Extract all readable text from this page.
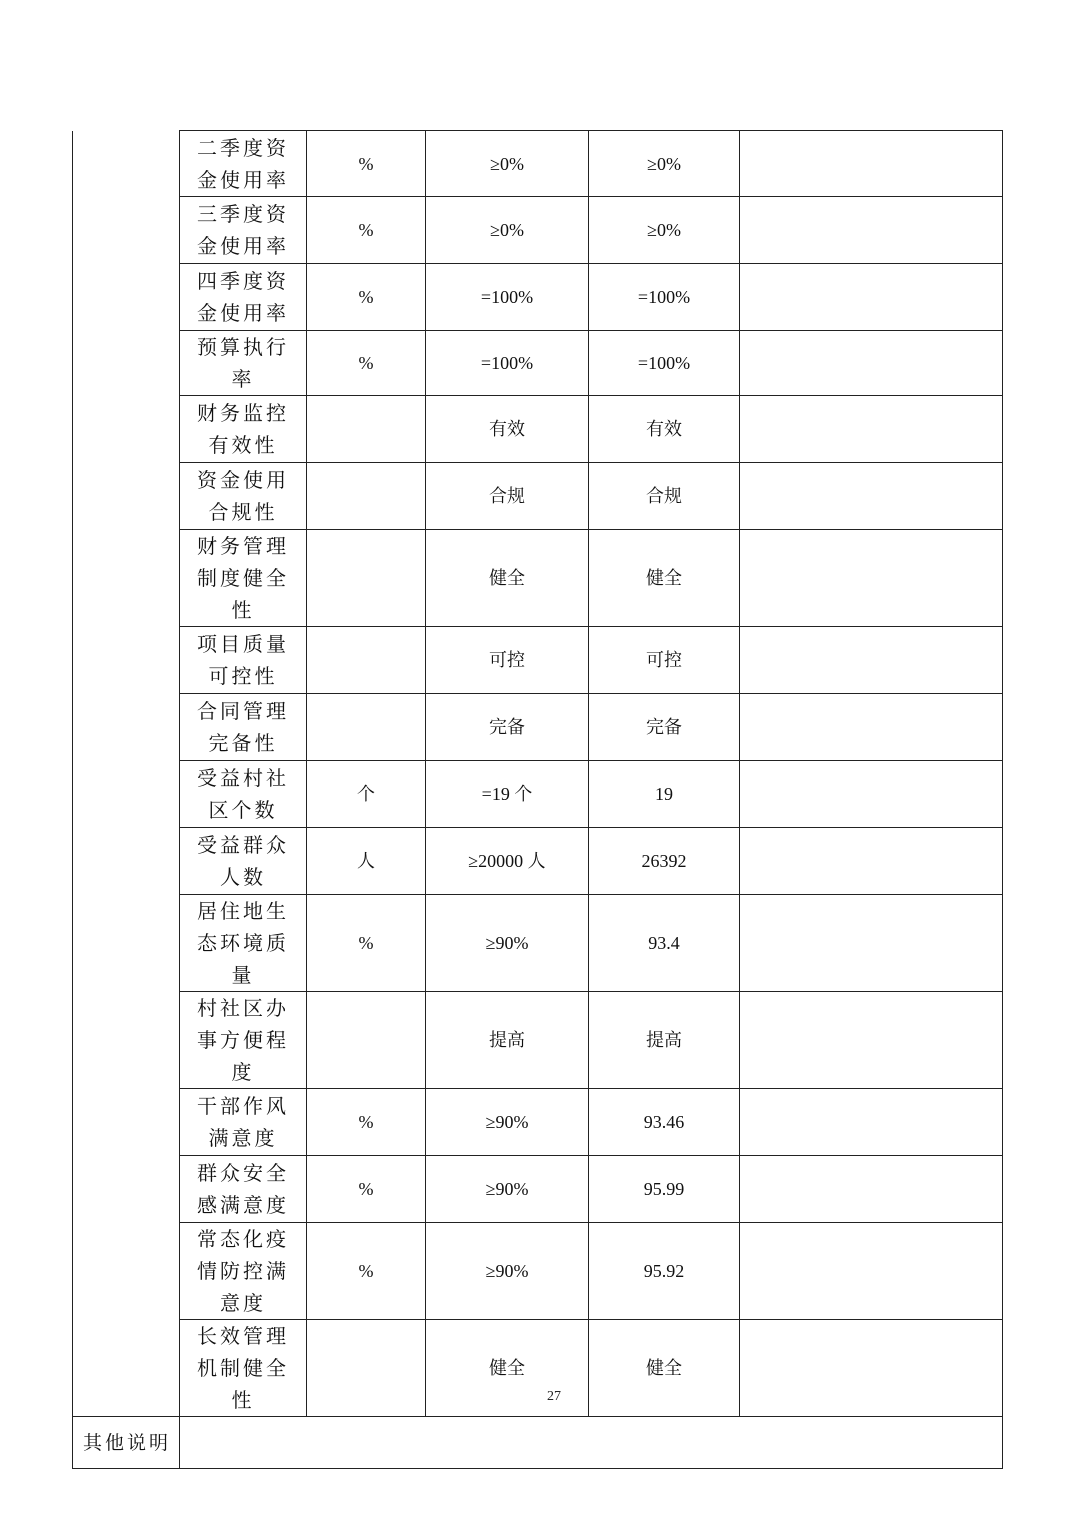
	二季度资金使用率	%	≥0%	≥0%	
	三季度资金使用率	%	≥0%	≥0%	
	四季度资金使用率	%	=100%	=100%	
	预算执行率	%	=100%	=100%	
	财务监控有效性		有效	有效	
	资金使用合规性		合规	合规	
	财务管理制度健全性		健全	健全	
	项目质量可控性		可控	可控	
	合同管理完备性		完备	完备	
	受益村社区个数	个	=19 个	19	
	受益群众人数	人	≥20000 人	26392	
	居住地生态环境质量	%	≥90%	93.4	
	村社区办事方便程度		提高	提高	
	干部作风满意度	%	≥90%	93.46	
	群众安全感满意度	%	≥90%	95.99	
	常态化疫情防控满意度	%	≥90%	95.92	
	长效管理机制健全性		健全	健全	
其他说明					
27
